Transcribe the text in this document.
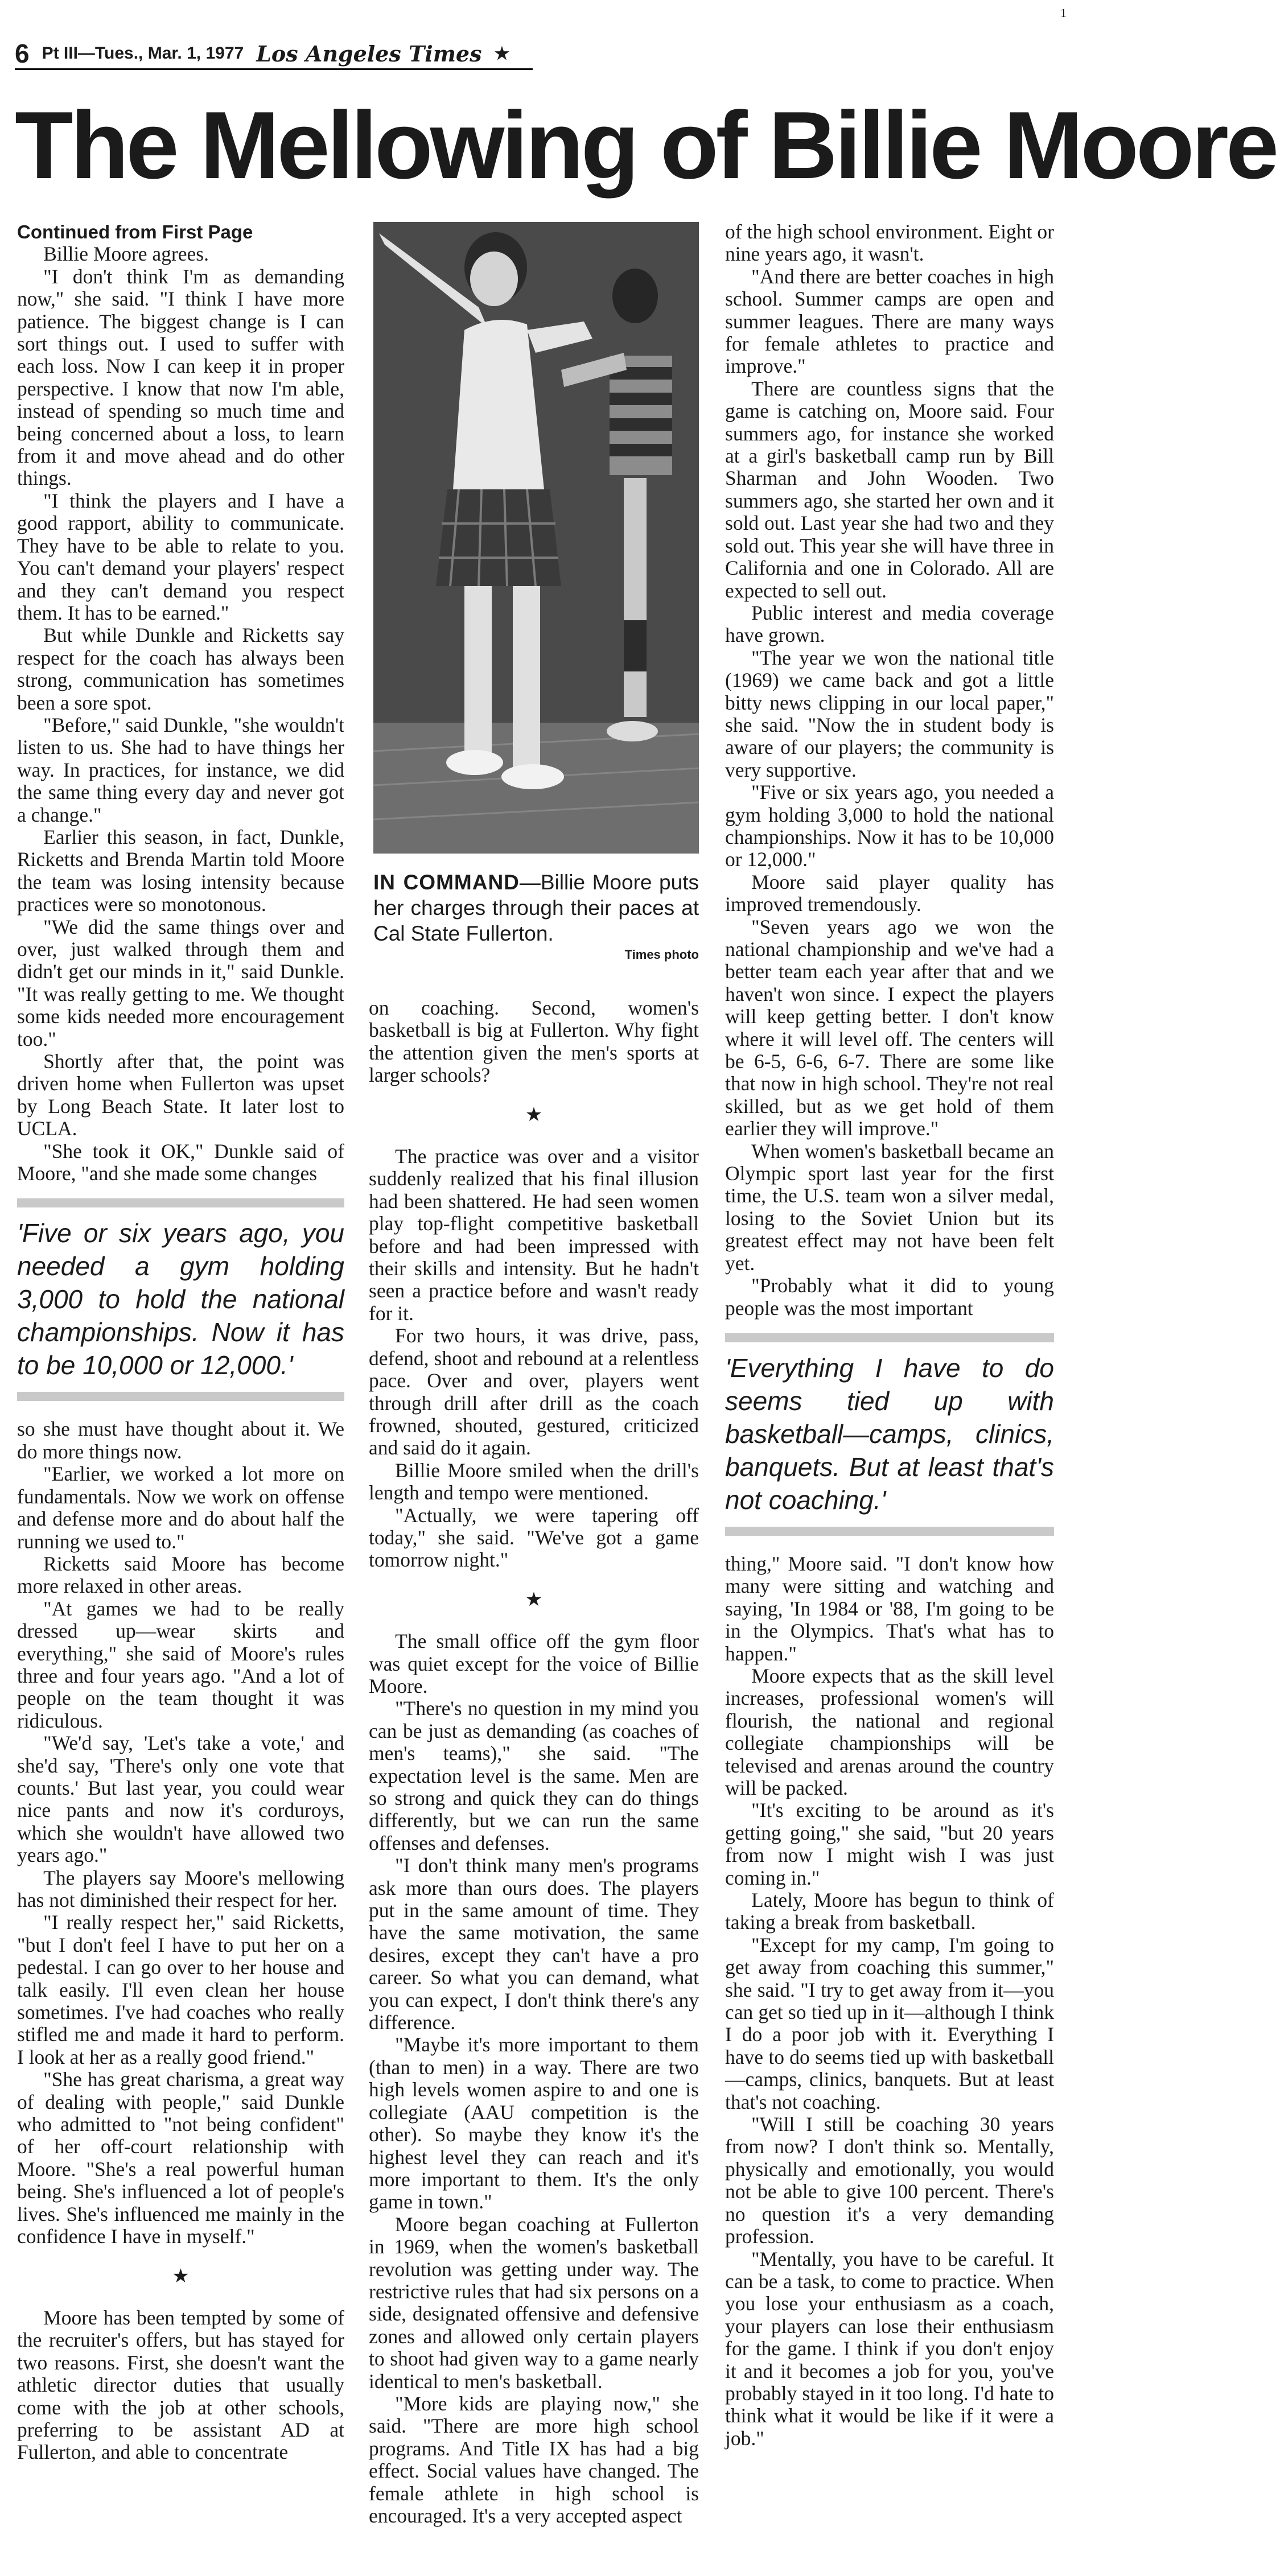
1
6 Pt III—Tues., Mar. 1, 1977 Los Angeles Times ★
The Mellowing of Billie Moore

Continued from First Page

Billie Moore agrees.

"I don't think I'm as demanding now," she said. "I think I have more patience. The biggest change is I can sort things out. I used to suffer with each loss. Now I can keep it in proper perspective. I know that now I'm able, instead of spending so much time and being concerned about a loss, to learn from it and move ahead and do other things.

"I think the players and I have a good rapport, ability to communicate. They have to be able to relate to you. You can't demand your players' respect and they can't demand you respect them. It has to be earned."

But while Dunkle and Ricketts say respect for the coach has always been strong, communication has sometimes been a sore spot.

"Before," said Dunkle, "she wouldn't listen to us. She had to have things her way. In practices, for instance, we did the same thing every day and never got a change."

Earlier this season, in fact, Dunkle, Ricketts and Brenda Martin told Moore the team was losing intensity because practices were so monotonous.

"We did the same things over and over, just walked through them and didn't get our minds in it," said Dunkle. "It was really getting to me. We thought some kids needed more encouragement too."

Shortly after that, the point was driven home when Fullerton was upset by Long Beach State. It later lost to UCLA.

"She took it OK," Dunkle said of Moore, "and she made some changes

'Five or six years ago, you needed a gym holding 3,000 to hold the national championships. Now it has to be 10,000 or 12,000.'

so she must have thought about it. We do more things now.

"Earlier, we worked a lot more on fundamentals. Now we work on offense and defense more and do about half the running we used to."

Ricketts said Moore has become more relaxed in other areas.

"At games we had to be really dressed up—wear skirts and everything," she said of Moore's rules three and four years ago. "And a lot of people on the team thought it was ridiculous.

"We'd say, 'Let's take a vote,' and she'd say, 'There's only one vote that counts.' But last year, you could wear nice pants and now it's corduroys, which she wouldn't have allowed two years ago."

The players say Moore's mellowing has not diminished their respect for her.

"I really respect her," said Ricketts, "but I don't feel I have to put her on a pedestal. I can go over to her house and talk easily. I'll even clean her house sometimes. I've had coaches who really stifled me and made it hard to perform. I look at her as a really good friend."

"She has great charisma, a great way of dealing with people," said Dunkle who admitted to "not being confident" of her off-court relationship with Moore. "She's a real powerful human being. She's influenced a lot of people's lives. She's influenced me mainly in the confidence I have in myself."

★

Moore has been tempted by some of the recruiter's offers, but has stayed for two reasons. First, she doesn't want the athletic director duties that usually come with the job at other schools, preferring to be assistant AD at Fullerton, and able to concentrate

IN COMMAND—Billie Moore puts her charges through their paces at Cal State Fullerton.
Times photo

on coaching. Second, women's basketball is big at Fullerton. Why fight the attention given the men's sports at larger schools?

★

The practice was over and a visitor suddenly realized that his final illusion had been shattered. He had seen women play top-flight competitive basketball before and had been impressed with their skills and intensity. But he hadn't seen a practice before and wasn't ready for it.

For two hours, it was drive, pass, defend, shoot and rebound at a relentless pace. Over and over, players went through drill after drill as the coach frowned, shouted, gestured, criticized and said do it again.

Billie Moore smiled when the drill's length and tempo were mentioned.

"Actually, we were tapering off today," she said. "We've got a game tomorrow night."

★

The small office off the gym floor was quiet except for the voice of Billie Moore.

"There's no question in my mind you can be just as demanding (as coaches of men's teams)," she said. "The expectation level is the same. Men are so strong and quick they can do things differently, but we can run the same offenses and defenses.

"I don't think many men's programs ask more than ours does. The players put in the same amount of time. They have the same motivation, the same desires, except they can't have a pro career. So what you can demand, what you can expect, I don't think there's any difference.

"Maybe it's more important to them (than to men) in a way. There are two high levels women aspire to and one is collegiate (AAU competition is the other). So maybe they know it's the highest level they can reach and it's more important to them. It's the only game in town."

Moore began coaching at Fullerton in 1969, when the women's basketball revolution was getting under way. The restrictive rules that had six persons on a side, designated offensive and defensive zones and allowed only certain players to shoot had given way to a game nearly identical to men's basketball.

"More kids are playing now," she said. "There are more high school programs. And Title IX has had a big effect. Social values have changed. The female athlete in high school is encouraged. It's a very accepted aspect

of the high school environment. Eight or nine years ago, it wasn't.

"And there are better coaches in high school. Summer camps are open and summer leagues. There are many ways for female athletes to practice and improve."

There are countless signs that the game is catching on, Moore said. Four summers ago, for instance she worked at a girl's basketball camp run by Bill Sharman and John Wooden. Two summers ago, she started her own and it sold out. Last year she had two and they sold out. This year she will have three in California and one in Colorado. All are expected to sell out.

Public interest and media coverage have grown.

"The year we won the national title (1969) we came back and got a little bitty news clipping in our local paper," she said. "Now the in student body is aware of our players; the community is very supportive.

"Five or six years ago, you needed a gym holding 3,000 to hold the national championships. Now it has to be 10,000 or 12,000."

Moore said player quality has improved tremendously.

"Seven years ago we won the national championship and we've had a better team each year after that and we haven't won since. I expect the players will keep getting better. I don't know where it will level off. The centers will be 6-5, 6-6, 6-7. There are some like that now in high school. They're not real skilled, but as we get hold of them earlier they will improve."

When women's basketball became an Olympic sport last year for the first time, the U.S. team won a silver medal, losing to the Soviet Union but its greatest effect may not have been felt yet.

"Probably what it did to young people was the most important

'Everything I have to do seems tied up with basketball—camps, clinics, banquets. But at least that's not coaching.'

thing," Moore said. "I don't know how many were sitting and watching and saying, 'In 1984 or '88, I'm going to be in the Olympics. That's what has to happen."

Moore expects that as the skill level increases, professional women's will flourish, the national and regional collegiate championships will be televised and arenas around the country will be packed.

"It's exciting to be around as it's getting going," she said, "but 20 years from now I might wish I was just coming in."

Lately, Moore has begun to think of taking a break from basketball.

"Except for my camp, I'm going to get away from coaching this summer," she said. "I try to get away from it—you can get so tied up in it—although I think I do a poor job with it. Everything I have to do seems tied up with basketball—camps, clinics, banquets. But at least that's not coaching.

"Will I still be coaching 30 years from now? I don't think so. Mentally, physically and emotionally, you would not be able to give 100 percent. There's no question it's a very demanding profession.

"Mentally, you have to be careful. It can be a task, to come to practice. When you lose your enthusiasm as a coach, your players can lose their enthusiasm for the game. I think if you don't enjoy it and it becomes a job for you, you've probably stayed in it too long. I'd hate to think what it would be like if it were a job."
